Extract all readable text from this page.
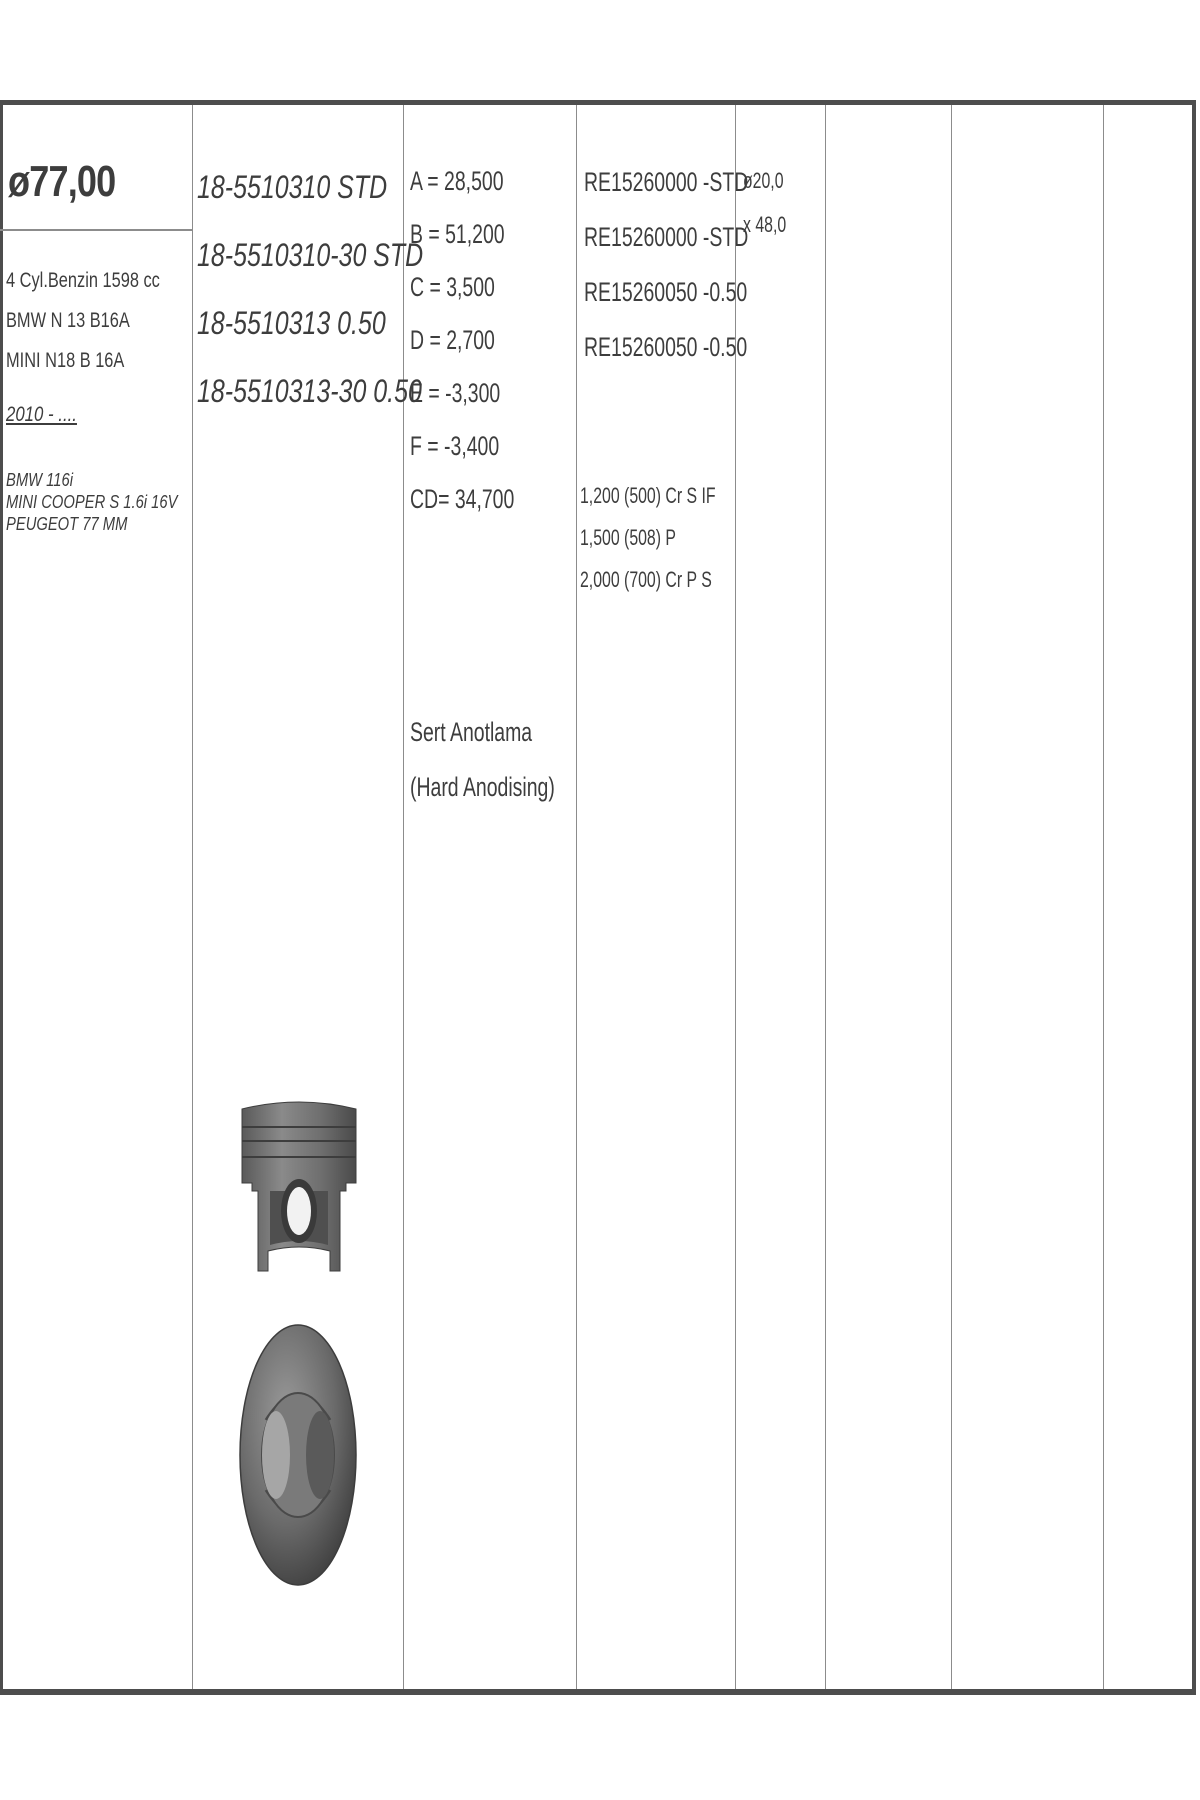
ø77,00
4 Cyl.Benzin 1598 cc
BMW N 13 B16A
MINI N18 B 16A
2010 - ....
BMW 116i
MINI COOPER S 1.6i 16V
PEUGEOT 77 MM
18-5510310 STD
18-5510310-30 STD
18-5510313 0.50
18-5510313-30 0.50
A = 28,500
B = 51,200
C = 3,500
D = 2,700
E = -3,300
F = -3,400
CD= 34,700
Sert Anotlama
(Hard Anodising)
RE15260000 -STD
RE15260000 -STD
RE15260050 -0.50
RE15260050 -0.50
1,200 (500) Cr S IF
1,500 (508) P
2,000 (700) Cr P S
ø20,0
x 48,0
